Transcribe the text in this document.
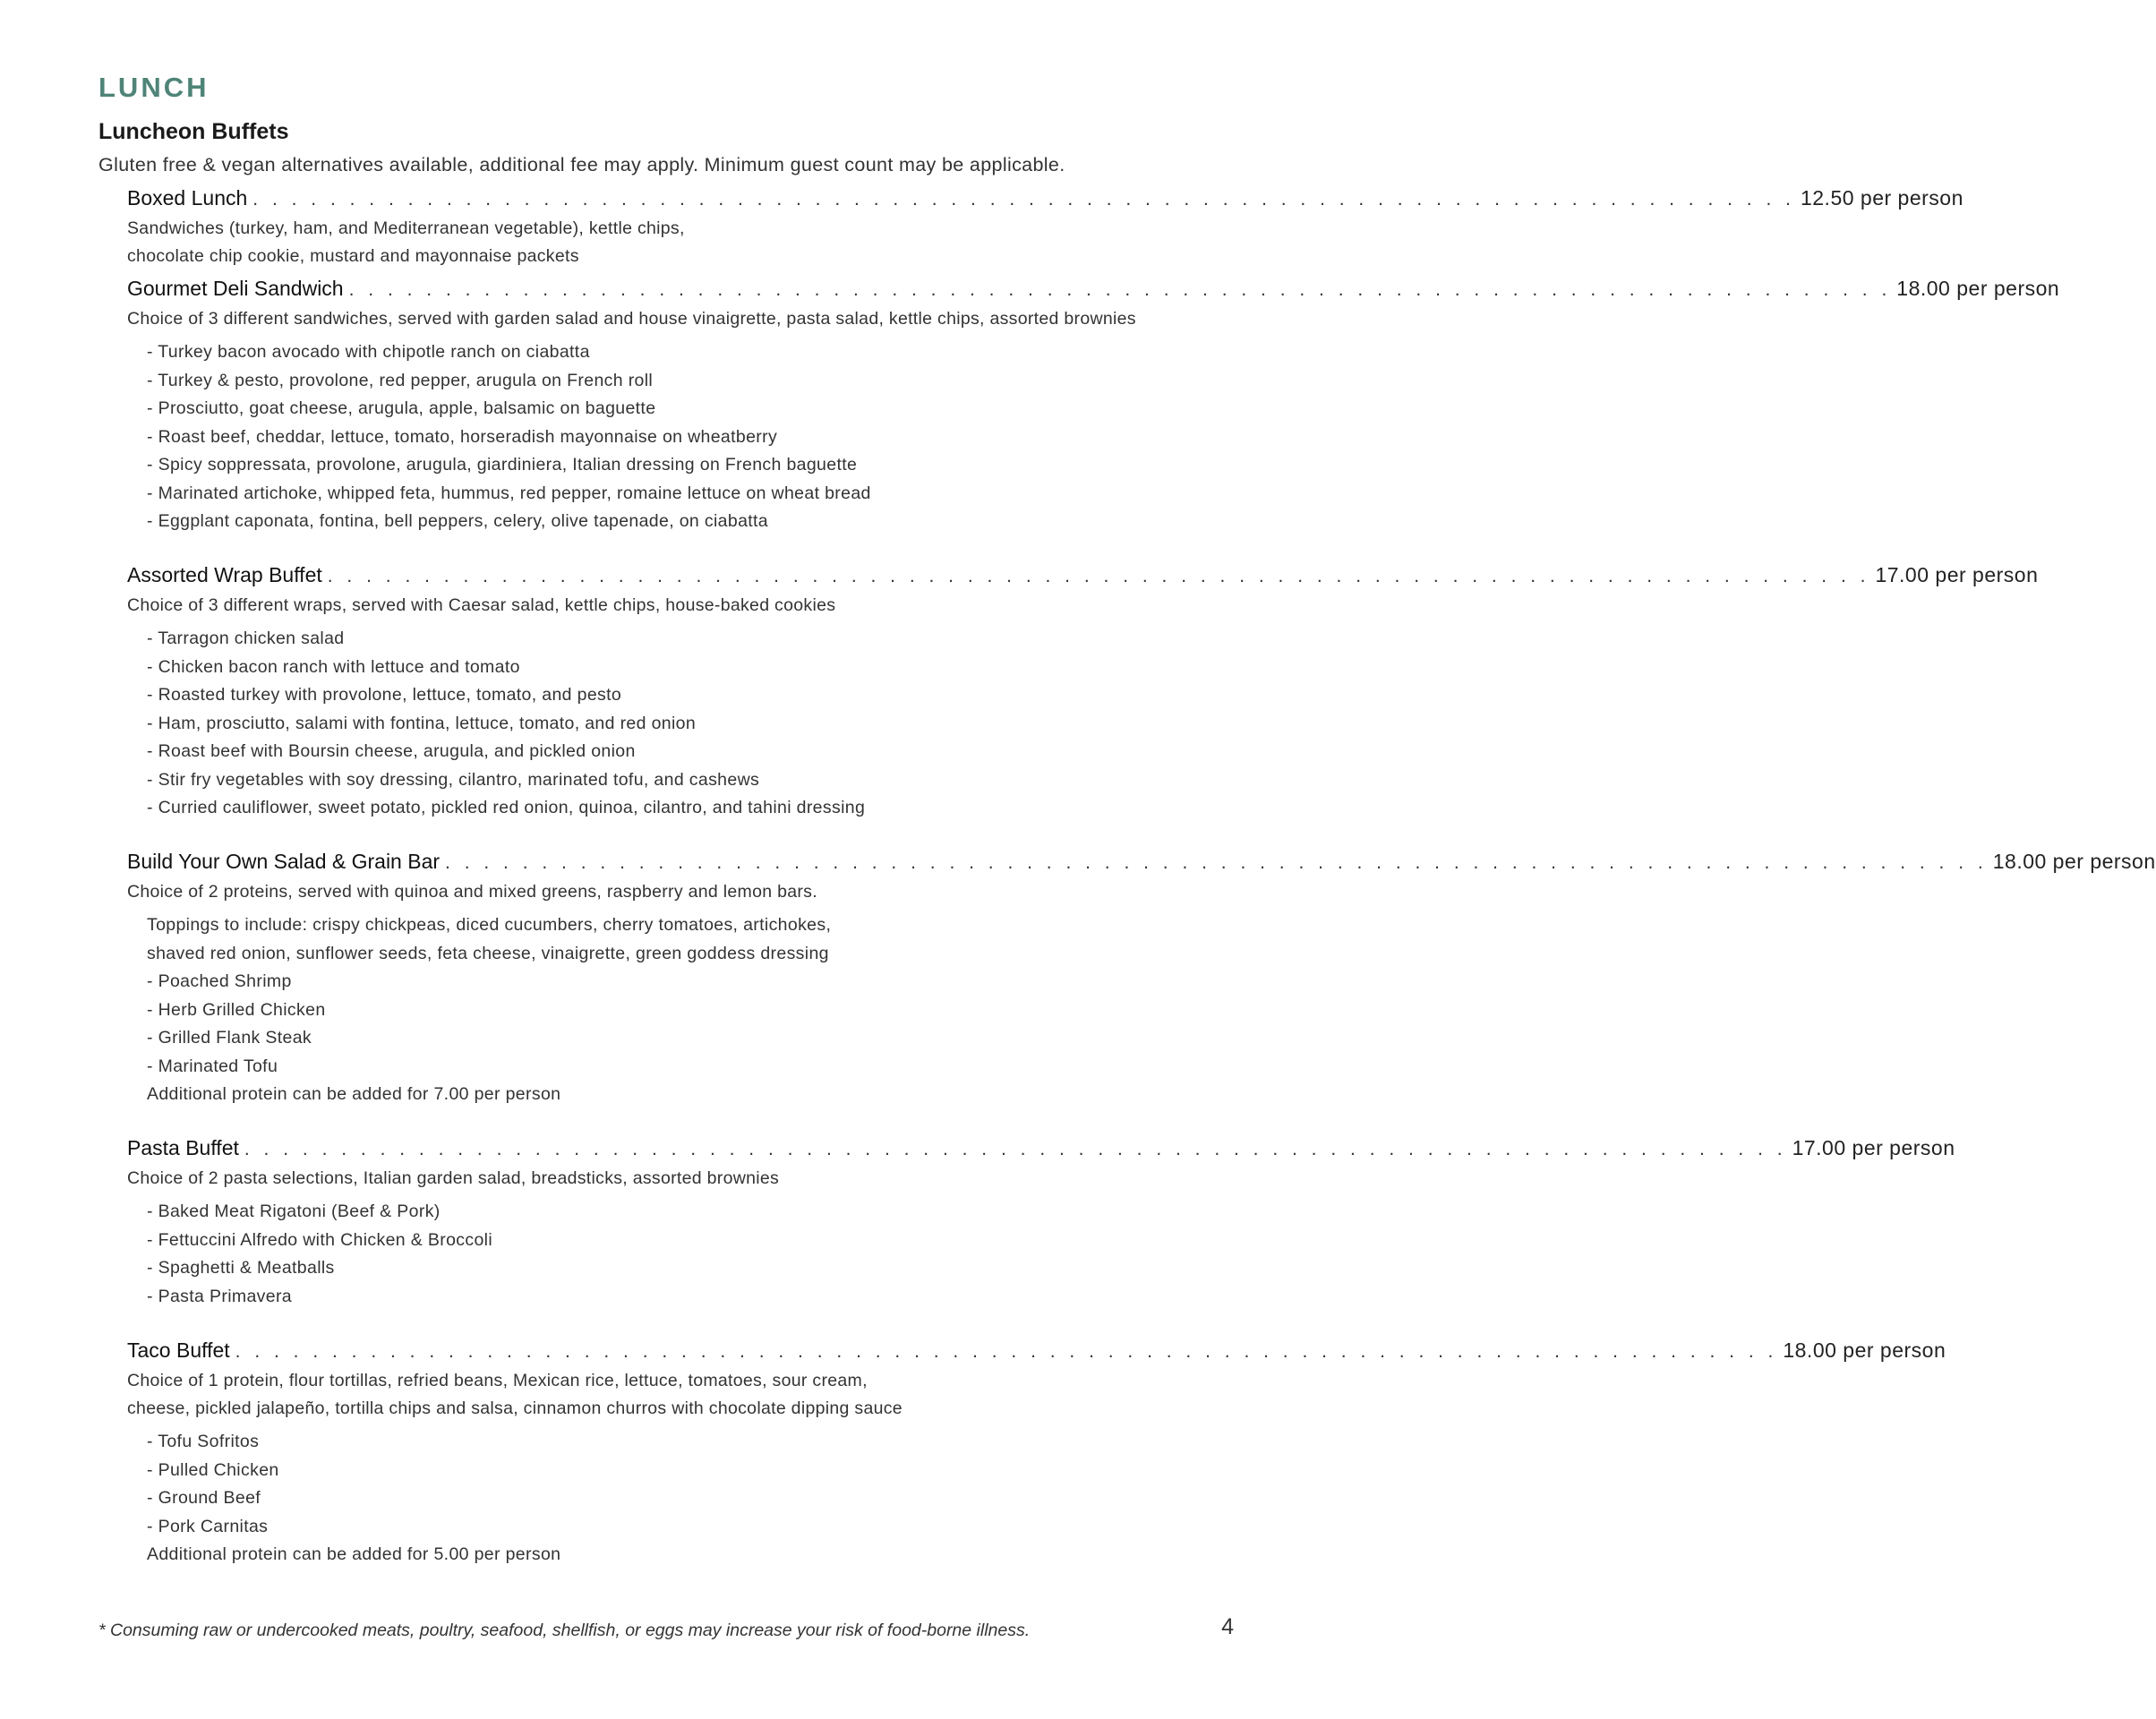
LUNCH
Luncheon Buffets
Gluten free & vegan alternatives available, additional fee may apply. Minimum guest count may be applicable.
Boxed Lunch . . . . . . . . . . . . . . . . . . . . . . . . . . . . . . . . . . . . . . . . . . . . . . . . . . . . . . . . . . . . . . . . . . . . . . . . . . . . . . . . 12.50 per person
Sandwiches (turkey, ham, and Mediterranean vegetable), kettle chips,
chocolate chip cookie, mustard and mayonnaise packets
Gourmet Deli Sandwich . . . . . . . . . . . . . . . . . . . . . . . . . . . . . . . . . . . . . . . . . . . . . . . . . . . . . . . . . . . . . . . . . . . . . . . . . . . . . . . . 18.00 per person
Choice of 3 different sandwiches, served with garden salad and house vinaigrette, pasta salad, kettle chips, assorted brownies
- Turkey bacon avocado with chipotle ranch on ciabatta
- Turkey & pesto, provolone, red pepper, arugula on French roll
- Prosciutto, goat cheese, arugula, apple, balsamic on baguette
- Roast beef, cheddar, lettuce, tomato, horseradish mayonnaise on wheatberry
- Spicy soppressata, provolone, arugula, giardiniera, Italian dressing on French baguette
- Marinated artichoke, whipped feta, hummus, red pepper, romaine lettuce on wheat bread
- Eggplant caponata, fontina, bell peppers, celery, olive tapenade, on ciabatta
Assorted Wrap Buffet . . . . . . . . . . . . . . . . . . . . . . . . . . . . . . . . . . . . . . . . . . . . . . . . . . . . . . . . . . . . . . . . . . . . . . . . . . . . . . . . 17.00 per person
Choice of 3 different wraps, served with Caesar salad, kettle chips, house-baked cookies
- Tarragon chicken salad
- Chicken bacon ranch with lettuce and tomato
- Roasted turkey with provolone, lettuce, tomato, and pesto
- Ham, prosciutto, salami with fontina, lettuce, tomato, and red onion
- Roast beef with Boursin cheese, arugula, and pickled onion
- Stir fry vegetables with soy dressing, cilantro, marinated tofu, and cashews
- Curried cauliflower, sweet potato, pickled red onion, quinoa, cilantro, and tahini dressing
Build Your Own Salad & Grain Bar . . . . . . . . . . . . . . . . . . . . . . . . . . . . . . . . . . . . . . . . . . . . . . . . . . . . . . . . . . . . . . . . . . . . . . . . . . . . . . . . 18.00 per person
Choice of 2 proteins, served with quinoa and mixed greens, raspberry and lemon bars.
Toppings to include: crispy chickpeas, diced cucumbers, cherry tomatoes, artichokes,
shaved red onion, sunflower seeds, feta cheese, vinaigrette, green goddess dressing
- Poached Shrimp
- Herb Grilled Chicken
- Grilled Flank Steak
- Marinated Tofu
Additional protein can be added for 7.00 per person
Pasta Buffet . . . . . . . . . . . . . . . . . . . . . . . . . . . . . . . . . . . . . . . . . . . . . . . . . . . . . . . . . . . . . . . . . . . . . . . . . . . . . . . . 17.00 per person
Choice of 2 pasta selections, Italian garden salad, breadsticks, assorted brownies
- Baked Meat Rigatoni (Beef & Pork)
- Fettuccini Alfredo with Chicken & Broccoli
- Spaghetti & Meatballs
- Pasta Primavera
Taco Buffet . . . . . . . . . . . . . . . . . . . . . . . . . . . . . . . . . . . . . . . . . . . . . . . . . . . . . . . . . . . . . . . . . . . . . . . . . . . . . . . . 18.00 per person
Choice of 1 protein, flour tortillas, refried beans, Mexican rice, lettuce, tomatoes, sour cream,
cheese, pickled jalapeño, tortilla chips and salsa, cinnamon churros with chocolate dipping sauce
- Tofu Sofritos
- Pulled Chicken
- Ground Beef
- Pork Carnitas
Additional protein can be added for 5.00 per person
* Consuming raw or undercooked meats, poultry, seafood, shellfish, or eggs may increase your risk of food-borne illness.	4
